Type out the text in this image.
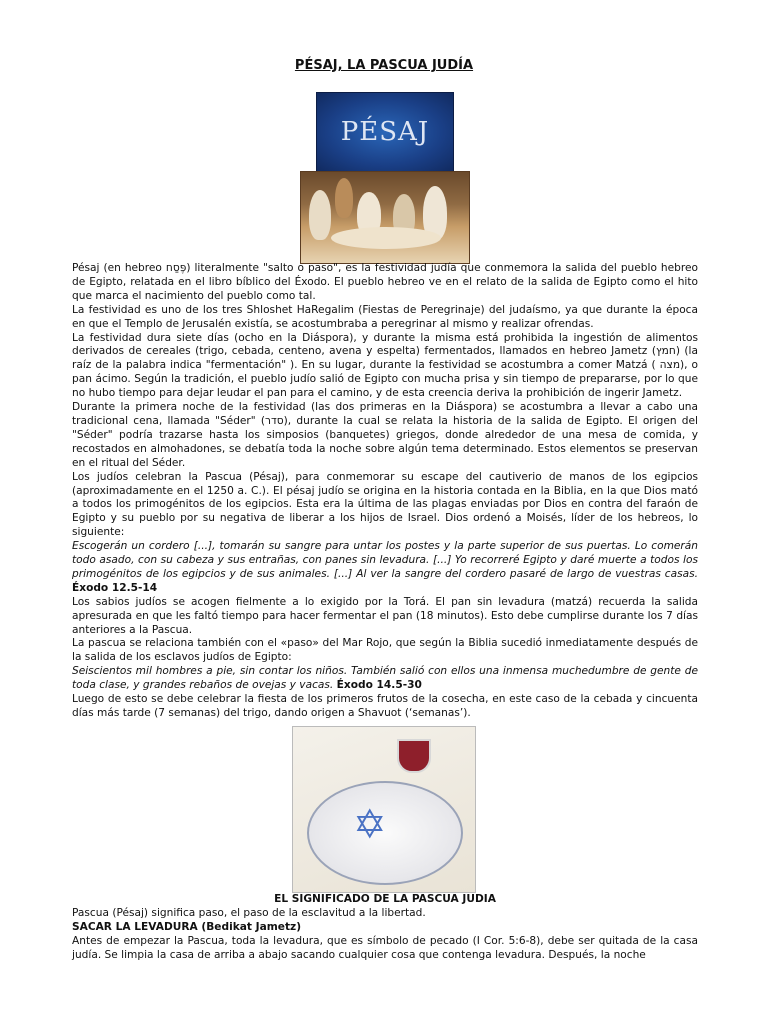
PÉSAJ, LA PASCUA JUDÍA
PÉSAJ

Pésaj (en hebreo פֶּסַח) literalmente "salto o paso", es la festividad judía que conmemora la salida del pueblo hebreo de Egipto, relatada en el libro bíblico del Éxodo. El pueblo hebreo ve en el relato de la salida de Egipto como el hito que marca el nacimiento del pueblo como tal.

La festividad es uno de los tres Shloshet HaRegalim (Fiestas de Peregrinaje) del judaísmo, ya que durante la época en que el Templo de Jerusalén existía, se acostumbraba a peregrinar al mismo y realizar ofrendas.

La festividad dura siete días (ocho en la Diáspora), y durante la misma está prohibida la ingestión de alimentos derivados de cereales (trigo, cebada, centeno, avena y espelta) fermentados, llamados en hebreo Jametz (חמץ) (la raíz de la palabra indica "fermentación" ). En su lugar, durante la festividad se acostumbra a comer Matzá ( מצה), o pan ácimo. Según la tradición, el pueblo judío salió de Egipto con mucha prisa y sin tiempo de prepararse, por lo que no hubo tiempo para dejar leudar el pan para el camino, y de esta creencia deriva la prohibición de ingerir Jametz.

Durante la primera noche de la festividad (las dos primeras en la Diáspora) se acostumbra a llevar a cabo una tradicional cena, llamada "Séder" (סדר), durante la cual se relata la historia de la salida de Egipto. El origen del "Séder" podría trazarse hasta los simposios (banquetes) griegos, donde alrededor de una mesa de comida, y recostados en almohadones, se debatía toda la noche sobre algún tema determinado. Estos elementos se preservan en el ritual del Séder.

Los judíos celebran la Pascua (Pésaj), para conmemorar su escape del cautiverio de manos de los egipcios (aproximadamente en el 1250 a. C.). El pésaj judío se origina en la historia contada en la Biblia, en la que Dios mató a todos los primogénitos de los egipcios. Esta era la última de las plagas enviadas por Dios en contra del faraón de Egipto y su pueblo por su negativa de liberar a los hijos de Israel. Dios ordenó a Moisés, líder de los hebreos, lo siguiente:

Escogerán un cordero [...], tomarán su sangre para untar los postes y la parte superior de sus puertas. Lo comerán todo asado, con su cabeza y sus entrañas, con panes sin levadura. [...] Yo recorreré Egipto y daré muerte a todos los primogénitos de los egipcios y de sus animales. [...] Al ver la sangre del cordero pasaré de largo de vuestras casas. Éxodo 12.5-14

Los sabios judíos se acogen fielmente a lo exigido por la Torá. El pan sin levadura (matzá) recuerda la salida apresurada en que les faltó tiempo para hacer fermentar el pan (18 minutos). Esto debe cumplirse durante los 7 días anteriores a la Pascua.

La pascua se relaciona también con el «paso» del Mar Rojo, que según la Biblia sucedió inmediatamente después de la salida de los esclavos judíos de Egipto:

Seiscientos mil hombres a pie, sin contar los niños. También salió con ellos una inmensa muchedumbre de gente de toda clase, y grandes rebaños de ovejas y vacas. Éxodo 14.5-30

Luego de esto se debe celebrar la fiesta de los primeros frutos de la cosecha, en este caso de la cebada y cincuenta días más tarde (7 semanas) del trigo, dando origen a Shavuot (‘semanas’).

✡

EL SIGNIFICADO DE LA PASCUA JUDIA

Pascua (Pésaj) significa paso, el paso de la esclavitud a la libertad.

SACAR LA LEVADURA (Bedikat Jametz)

Antes de empezar la Pascua, toda la levadura, que es símbolo de pecado (I Cor. 5:6-8), debe ser quitada de la casa judía. Se limpia la casa de arriba a abajo sacando cualquier cosa que contenga levadura. Después, la noche
